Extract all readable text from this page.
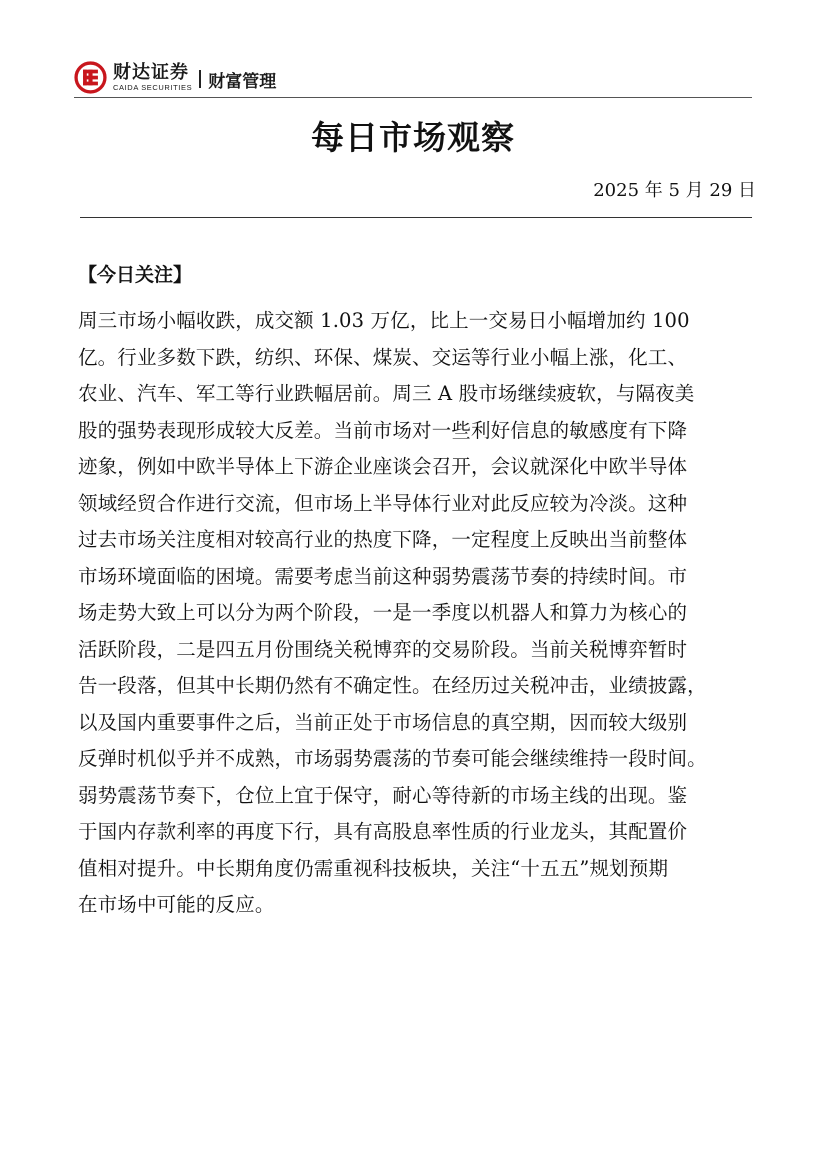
财达证券
CAIDA SECURITIES 财富管理
每日市场观察
2025 年 5 月 29 日
【今日关注】
周三市场小幅收跌，成交额 1.03 万亿，比上一交易日小幅增加约 100
亿。行业多数下跌，纺织、环保、煤炭、交运等行业小幅上涨，化工、
农业、汽车、军工等行业跌幅居前。周三 A 股市场继续疲软，与隔夜美
股的强势表现形成较大反差。当前市场对一些利好信息的敏感度有下降
迹象，例如中欧半导体上下游企业座谈会召开，会议就深化中欧半导体
领域经贸合作进行交流，但市场上半导体行业对此反应较为冷淡。这种
过去市场关注度相对较高行业的热度下降，一定程度上反映出当前整体
市场环境面临的困境。需要考虑当前这种弱势震荡节奏的持续时间。市
场走势大致上可以分为两个阶段，一是一季度以机器人和算力为核心的
活跃阶段，二是四五月份围绕关税博弈的交易阶段。当前关税博弈暂时
告一段落，但其中长期仍然有不确定性。在经历过关税冲击，业绩披露，
以及国内重要事件之后，当前正处于市场信息的真空期，因而较大级别
反弹时机似乎并不成熟，市场弱势震荡的节奏可能会继续维持一段时间。
弱势震荡节奏下，仓位上宜于保守，耐心等待新的市场主线的出现。鉴
于国内存款利率的再度下行，具有高股息率性质的行业龙头，其配置价
值相对提升。中长期角度仍需重视科技板块，关注“十五五”规划预期
在市场中可能的反应。
